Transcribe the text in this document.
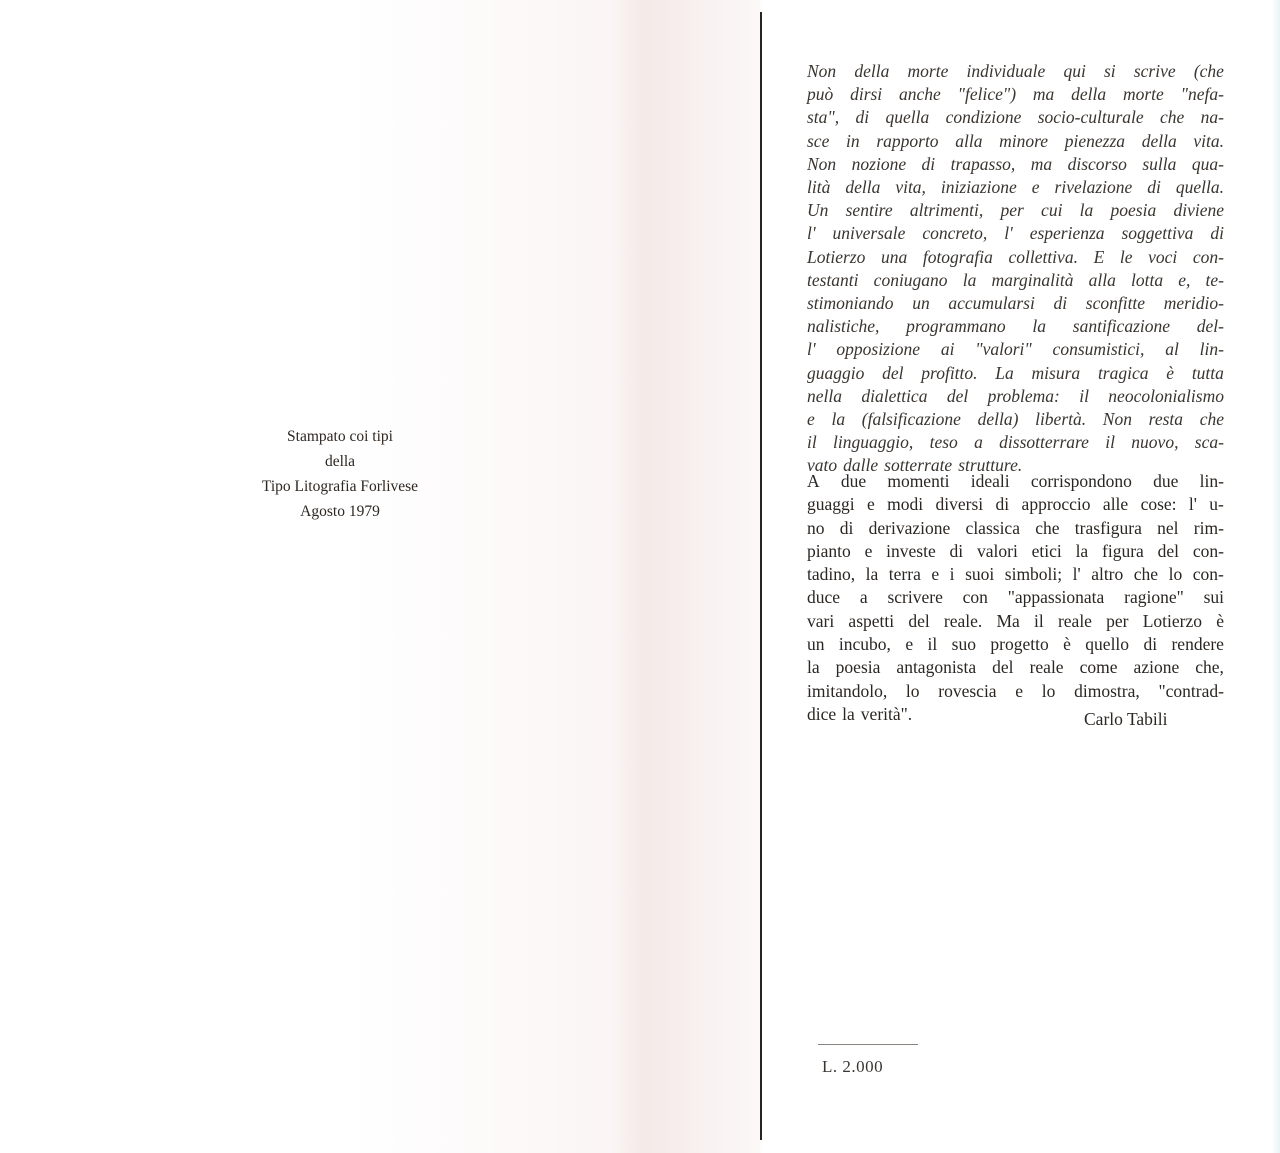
Stampato coi tipi
della
Tipo Litografia Forlivese
Agosto 1979
Non della morte individuale qui si scrive (che
può dirsi anche "felice") ma della morte "nefa-
sta", di quella condizione socio-culturale che na-
sce in rapporto alla minore pienezza della vita.
Non nozione di trapasso, ma discorso sulla qua-
lità della vita, iniziazione e rivelazione di quella.
Un sentire altrimenti, per cui la poesia diviene
l' universale concreto, l' esperienza soggettiva di
Lotierzo una fotografia collettiva. E le voci con-
testanti coniugano la marginalità alla lotta e, te-
stimoniando un accumularsi di sconfitte meridio-
nalistiche, programmano la santificazione del-
l' opposizione ai "valori" consumistici, al lin-
guaggio del profitto. La misura tragica è tutta
nella dialettica del problema: il neocolonialismo
e la (falsificazione della) libertà. Non resta che
il linguaggio, teso a dissotterrare il nuovo, sca-
vato dalle sotterrate strutture.
A due momenti ideali corrispondono due lin-
guaggi e modi diversi di approccio alle cose: l' u-
no di derivazione classica che trasfigura nel rim-
pianto e investe di valori etici la figura del con-
tadino, la terra e i suoi simboli; l' altro che lo con-
duce a scrivere con "appassionata ragione" sui
vari aspetti del reale. Ma il reale per Lotierzo è
un incubo, e il suo progetto è quello di rendere
la poesia antagonista del reale come azione che,
imitandolo, lo rovescia e lo dimostra, "contrad-
dice la verità".	Carlo Tabili
L. 2.000
